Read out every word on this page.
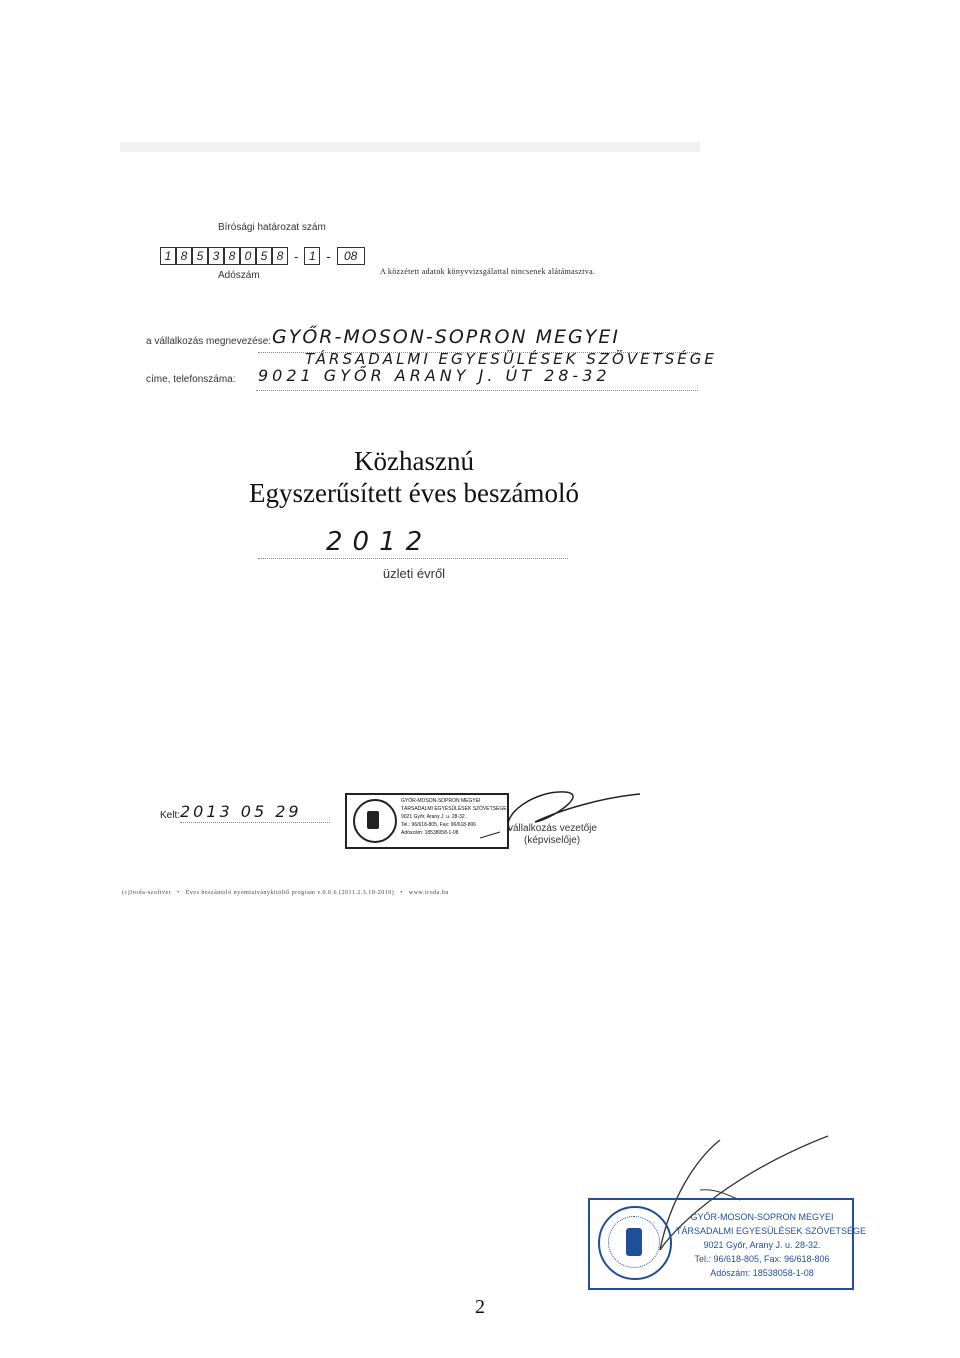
Bírósági határozat szám
1 8 5 3 8 0 5 8 - 1 -	08
Adószám	A közzétett adatok könyvvizsgálattal nincsenek alátámasztva.
a vállalkozás megnevezése: GYŐR-MOSON-SOPRON MEGYEI
TÁRSADALMI EGYESÜLÉSEK SZÖVETSÉGE
címe, telefonszáma: 9021 GYŐR ARANY J. ÚT 28-32
Közhasznú
Egyszerűsített éves beszámoló
2012
üzleti évről
Kelt: 2013 05 29
GYŐR-MOSON-SOPRON MEGYEI
TÁRSADALMI EGYESÜLÉSEK SZÖVETSÉGE
9021 Győr, Arany J. u. 28-32.
Tel.: 96/618-805, Fax: 96/618-806
Adószám: 18538058-1-08	vállalkozás vezetője
(képviselője)
(c)Iroda-szoftver   •   Éves beszámoló nyomtatványkitöltő program v.0.0.6 (2011.2.3.10-2010)   •   www.iroda.hu
GYŐR-MOSON-SOPRON MEGYEI
TÁRSADALMI EGYESÜLÉSEK SZÖVETSÉGE
9021 Győr, Arany J. u. 28-32.
Tel.: 96/618-805, Fax: 96/618-806
Adószám: 18538058-1-08
2
